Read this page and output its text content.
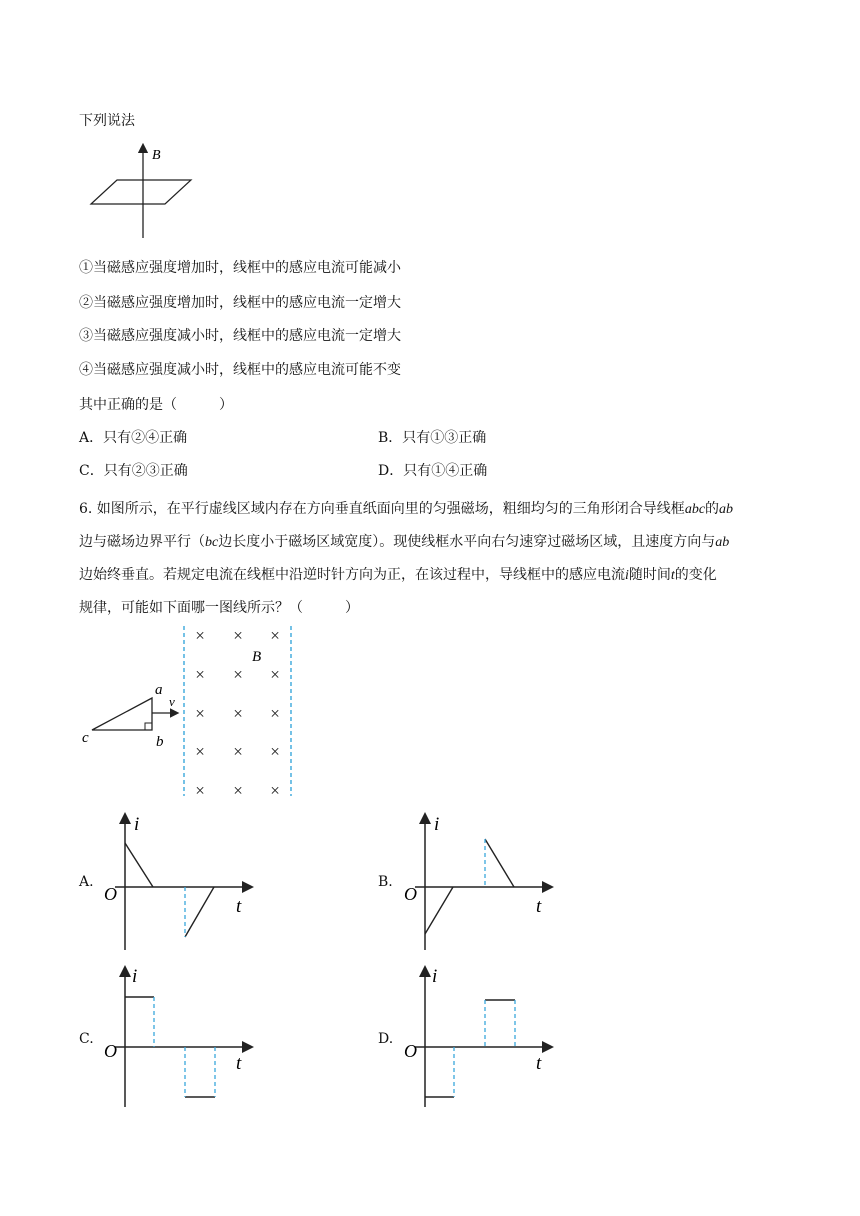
下列说法
B
①当磁感应强度增加时，线框中的感应电流可能减小
②当磁感应强度增加时，线框中的感应电流一定增大
③当磁感应强度减小时，线框中的感应电流一定增大
④当磁感应强度减小时，线框中的感应电流可能不变
其中正确的是（　　　）
A．只有②④正确	B．只有①③正确
C．只有②③正确	D．只有①④正确
6. 如图所示，在平行虚线区域内存在方向垂直纸面向里的匀强磁场，粗细均匀的三角形闭合导线框abc的ab
边与磁场边界平行（bc边长度小于磁场区域宽度）。现使线框水平向右匀速穿过磁场区域，且速度方向与ab
边始终垂直。若规定电流在线框中沿逆时针方向为正，在该过程中，导线框中的感应电流i随时间t的变化
规律，可能如下面哪一图线所示？（　　　）
× × ×
× × ×
× × ×
× × ×
× × ×
B
a
b
c
v
A.
i
t
O
B.
i
t
O
C.
i
t
O
D.
i
t
O
